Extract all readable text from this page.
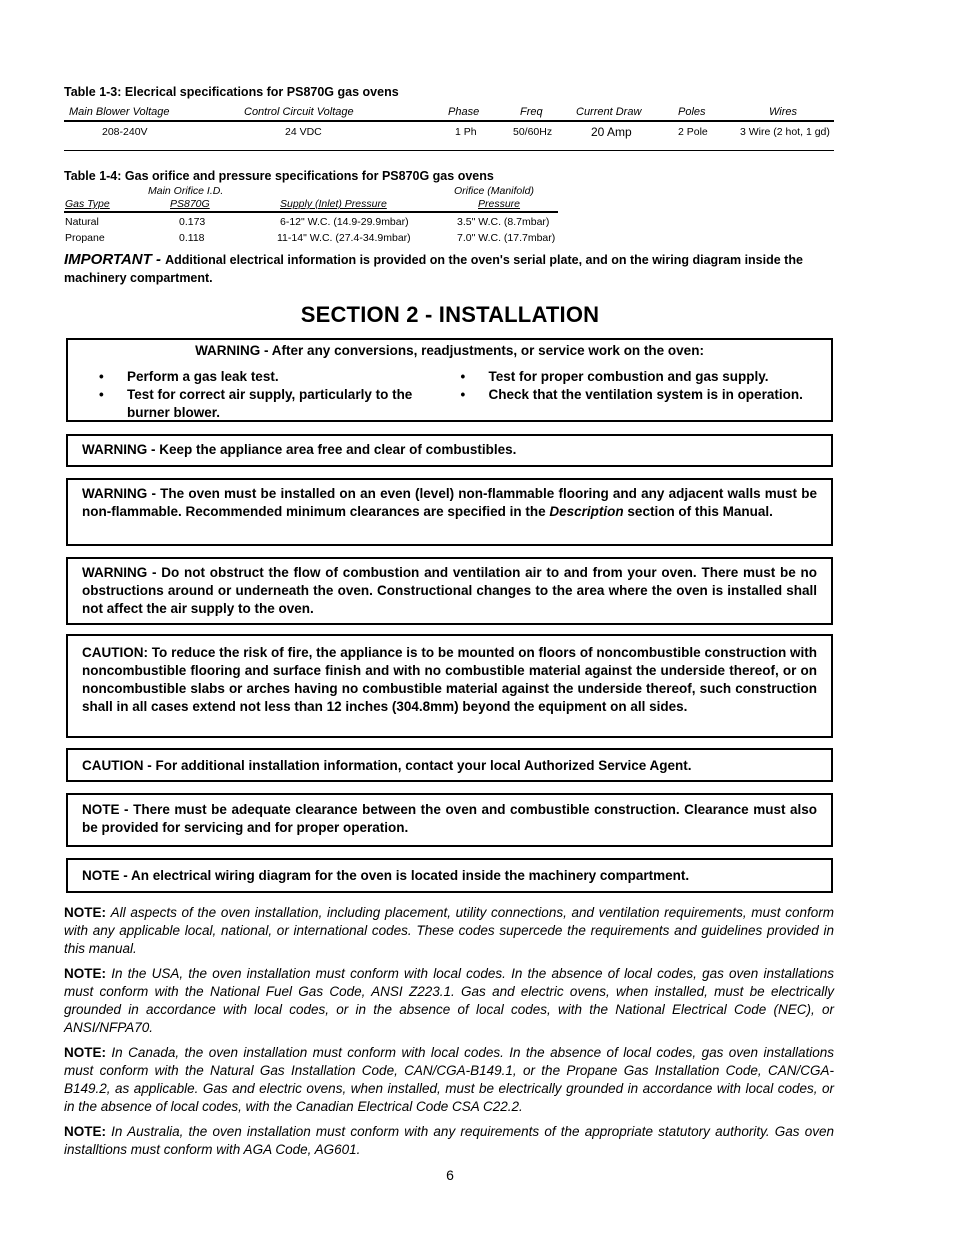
Table 1-3: Elecrical specifications for PS870G gas ovens
Main Blower Voltage	Control Circuit Voltage	Phase	Freq	Current Draw	Poles	Wires
208-240V	24 VDC	1 Ph	50/60Hz	20 Amp	2 Pole	3 Wire (2 hot, 1 gd)
Table 1-4: Gas orifice and pressure specifications for PS870G gas ovens
Main Orifice I.D.	Orifice (Manifold)
Gas Type	PS870G	Supply (Inlet) Pressure	Pressure
Natural	0.173	6-12" W.C. (14.9-29.9mbar)	3.5" W.C. (8.7mbar)
Propane	0.118	11-14" W.C. (27.4-34.9mbar)	7.0" W.C. (17.7mbar)
IMPORTANT - Additional electrical information is provided on the oven's serial plate, and on the wiring diagram inside the machinery compartment.
SECTION 2 - INSTALLATION

WARNING - After any conversions, readjustments, or service work on the oven:

• Perform a gas leak test.
• Test for correct air supply, particularly to the burner blower.
• Test for proper combustion and gas supply.
• Check that the ventilation system is in operation.

WARNING - Keep the appliance area free and clear of combustibles.

WARNING - The oven must be installed on an even (level) non-flammable flooring and any adjacent walls must be non-flammable. Recommended minimum clearances are specified in the Description section of this Manual.

WARNING - Do not obstruct the flow of combustion and ventilation air to and from your oven. There must be no obstructions around or underneath the oven. Constructional changes to the area where the oven is installed shall not affect the air supply to the oven.

CAUTION: To reduce the risk of fire, the appliance is to be mounted on floors of noncombustible construction with noncombustible flooring and surface finish and with no combustible material against the underside thereof, or on noncombustible slabs or arches having no combustible material against the underside thereof, such construction shall in all cases extend not less than 12 inches (304.8mm) beyond the equipment on all sides.

CAUTION - For additional installation information, contact your local Authorized Service Agent.

NOTE - There must be adequate clearance between the oven and combustible construction. Clearance must also be provided for servicing and for proper operation.

NOTE - An electrical wiring diagram for the oven is located inside the machinery compartment.

NOTE: All aspects of the oven installation, including placement, utility connections, and ventilation requirements, must conform with any applicable local, national, or international codes. These codes supercede the requirements and guidelines provided in this manual.
NOTE: In the USA, the oven installation must conform with local codes. In the absence of local codes, gas oven installations must conform with the National Fuel Gas Code, ANSI Z223.1. Gas and electric ovens, when installed, must be electrically grounded in accordance with local codes, or in the absence of local codes, with the National Electrical Code (NEC), or ANSI/NFPA70.
NOTE: In Canada, the oven installation must conform with local codes. In the absence of local codes, gas oven installations must conform with the Natural Gas Installation Code, CAN/CGA-B149.1, or the Propane Gas Installation Code, CAN/CGA-B149.2, as applicable. Gas and electric ovens, when installed, must be electrically grounded in accordance with local codes, or in the absence of local codes, with the Canadian Electrical Code CSA C22.2.
NOTE: In Australia, the oven installation must conform with any requirements of the appropriate statutory authority. Gas oven installtions must conform with AGA Code, AG601.
6
